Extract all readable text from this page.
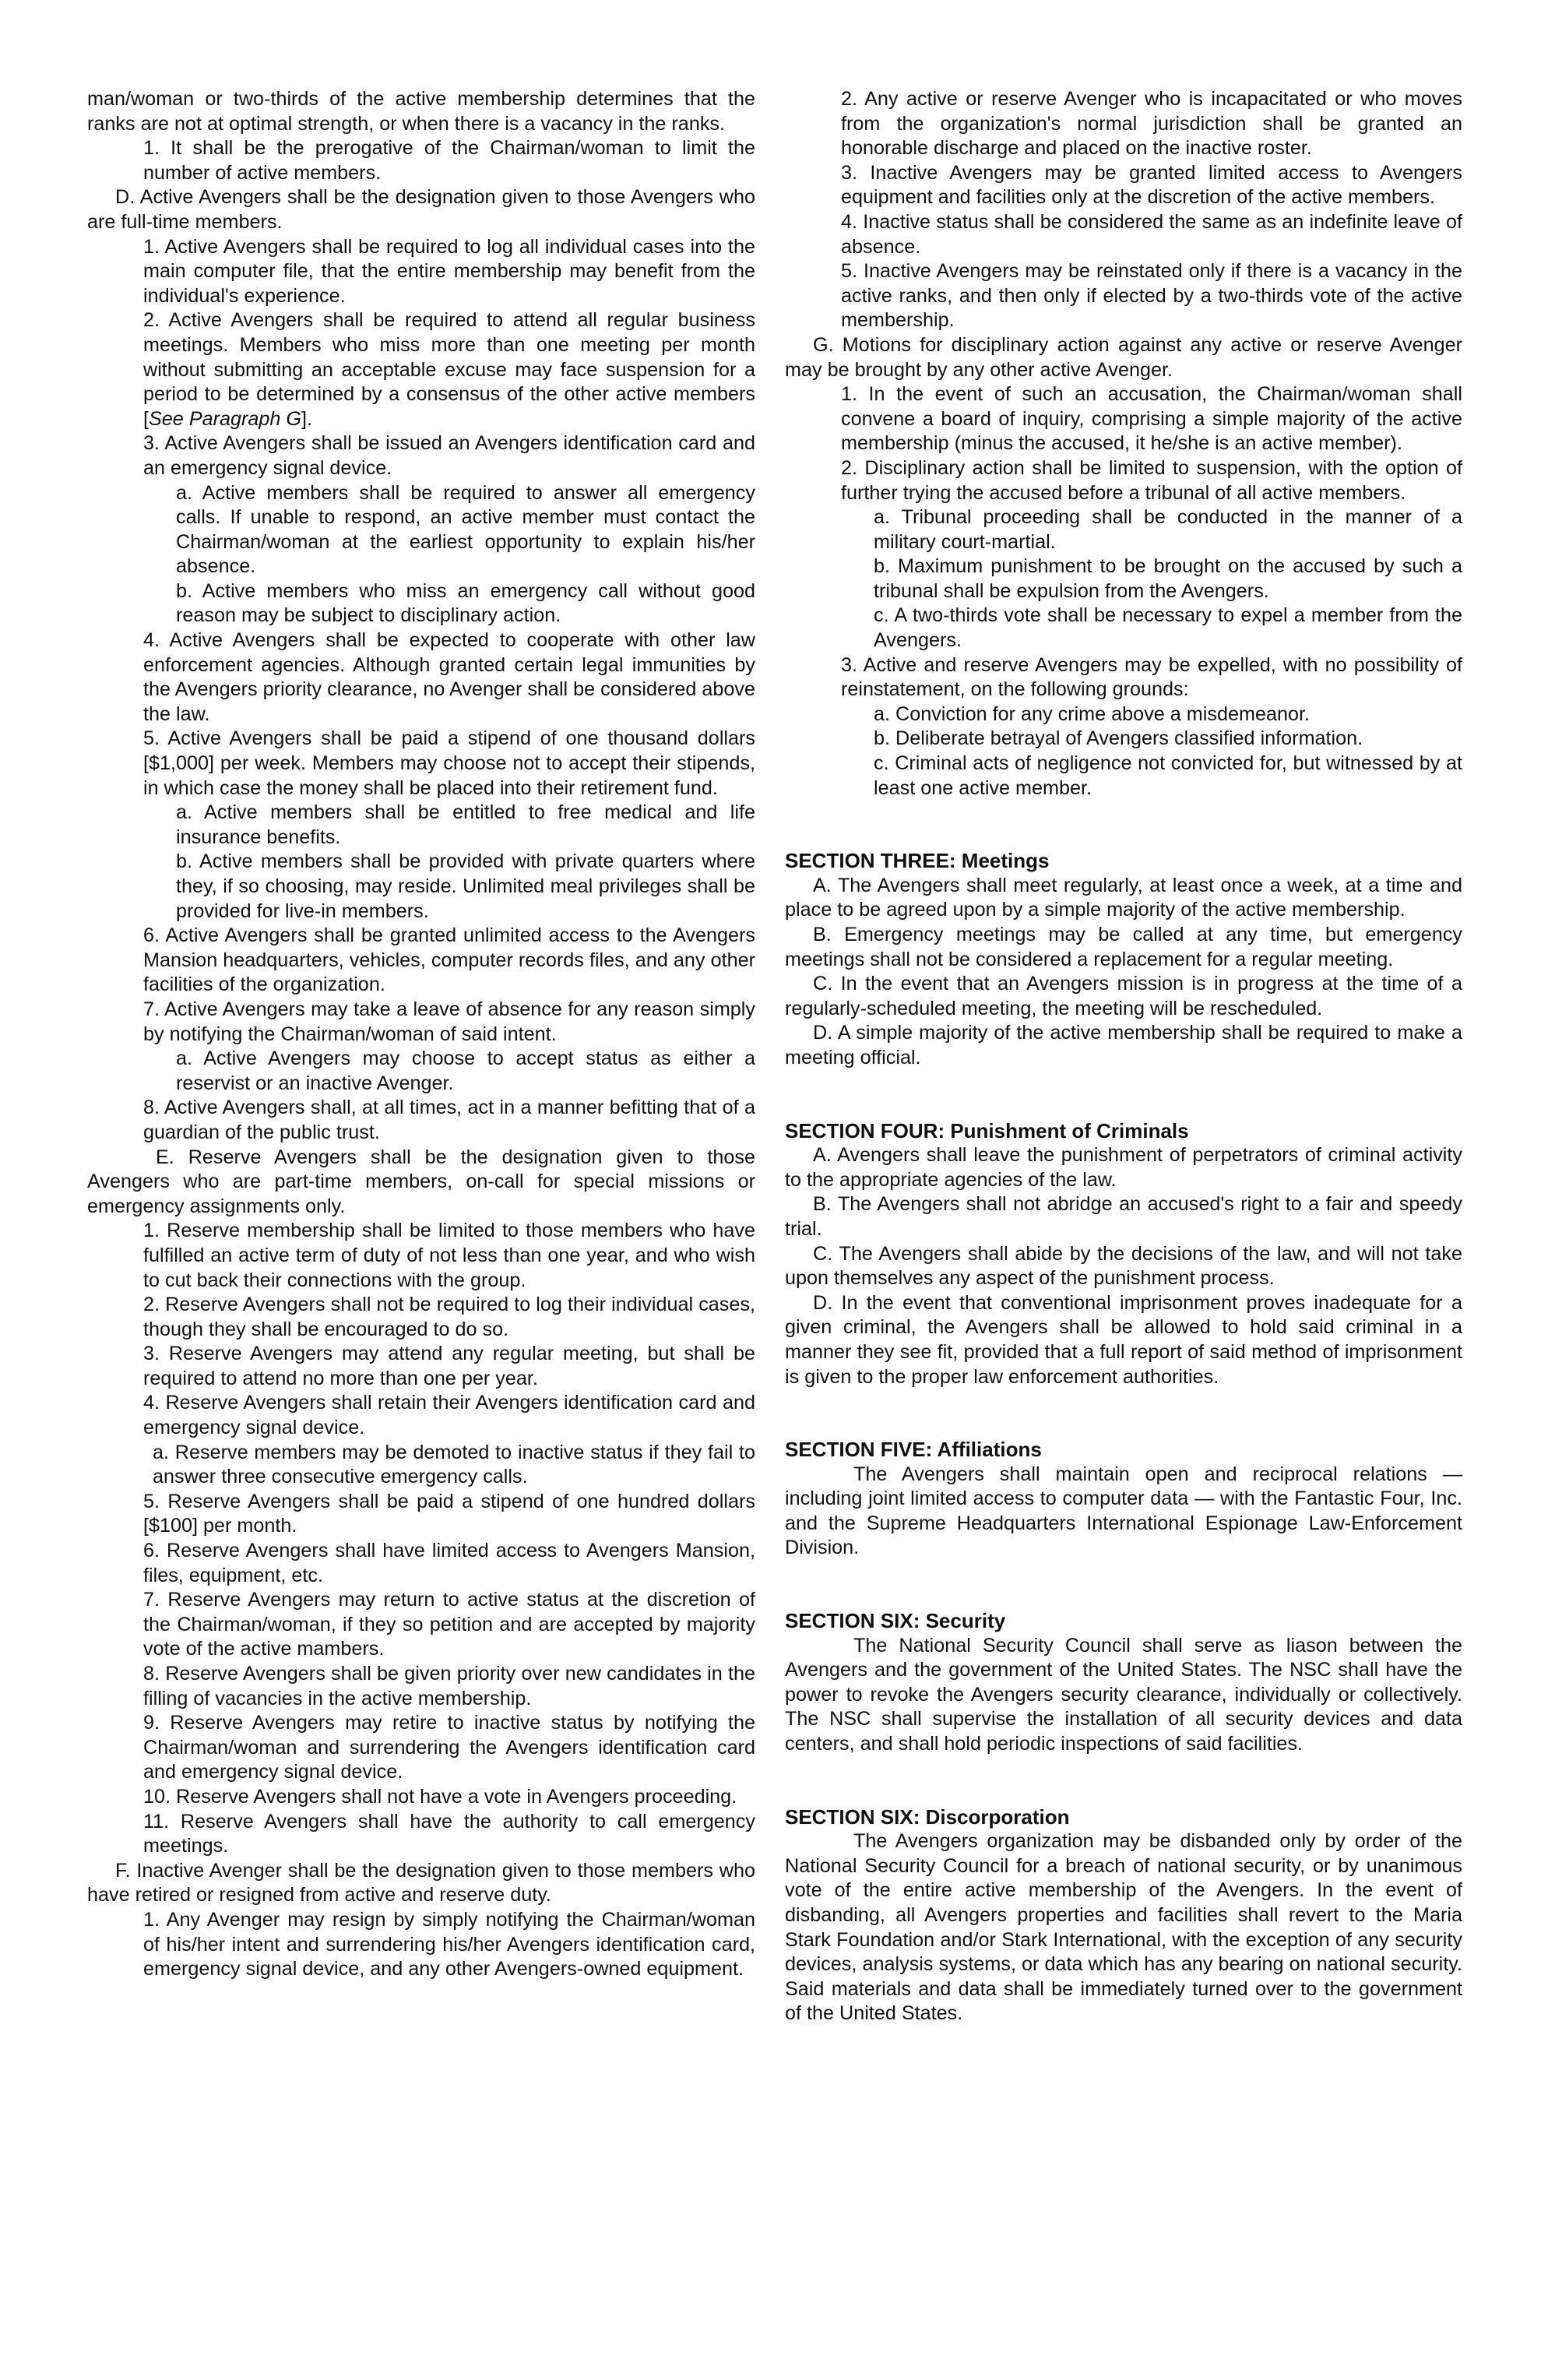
man/woman or two-thirds of the active membership determines that the ranks are not at optimal strength, or when there is a vacancy in the ranks.

1. It shall be the prerogative of the Chairman/woman to limit the number of active members.

D. Active Avengers shall be the designation given to those Avengers who are full-time members.

1. Active Avengers shall be required to log all individual cases into the main computer file, that the entire membership may benefit from the individual's experience.

2. Active Avengers shall be required to attend all regular business meetings. Members who miss more than one meeting per month without submitting an acceptable excuse may face suspension for a period to be determined by a consensus of the other active members [See Paragraph G].

3. Active Avengers shall be issued an Avengers identification card and an emergency signal device.

a. Active members shall be required to answer all emergency calls. If unable to respond, an active member must contact the Chairman/woman at the earliest opportunity to explain his/her absence.

b. Active members who miss an emergency call without good reason may be subject to disciplinary action.

4. Active Avengers shall be expected to cooperate with other law enforcement agencies. Although granted certain legal immunities by the Avengers priority clearance, no Avenger shall be considered above the law.

5. Active Avengers shall be paid a stipend of one thousand dollars [$1,000] per week. Members may choose not to accept their stipends, in which case the money shall be placed into their retirement fund.

a. Active members shall be entitled to free medical and life insurance benefits.

b. Active members shall be provided with private quarters where they, if so choosing, may reside. Unlimited meal privileges shall be provided for live-in members.

6. Active Avengers shall be granted unlimited access to the Avengers Mansion headquarters, vehicles, computer records files, and any other facilities of the organization.

7. Active Avengers may take a leave of absence for any reason simply by notifying the Chairman/woman of said intent.

a. Active Avengers may choose to accept status as either a reservist or an inactive Avenger.

8. Active Avengers shall, at all times, act in a manner befitting that of a guardian of the public trust.

E. Reserve Avengers shall be the designation given to those Avengers who are part-time members, on-call for special missions or emergency assignments only.

1. Reserve membership shall be limited to those members who have fulfilled an active term of duty of not less than one year, and who wish to cut back their connections with the group.

2. Reserve Avengers shall not be required to log their individual cases, though they shall be encouraged to do so.

3. Reserve Avengers may attend any regular meeting, but shall be required to attend no more than one per year.

4. Reserve Avengers shall retain their Avengers identification card and emergency signal device.

a. Reserve members may be demoted to inactive status if they fail to answer three consecutive emergency calls.

5. Reserve Avengers shall be paid a stipend of one hundred dollars [$100] per month.

6. Reserve Avengers shall have limited access to Avengers Mansion, files, equipment, etc.

7. Reserve Avengers may return to active status at the discretion of the Chairman/woman, if they so petition and are accepted by majority vote of the active mambers.

8. Reserve Avengers shall be given priority over new candidates in the filling of vacancies in the active membership.

9. Reserve Avengers may retire to inactive status by notifying the Chairman/woman and surrendering the Avengers identification card and emergency signal device.

10. Reserve Avengers shall not have a vote in Avengers proceeding.

11. Reserve Avengers shall have the authority to call emergency meetings.

F. Inactive Avenger shall be the designation given to those members who have retired or resigned from active and reserve duty.

1. Any Avenger may resign by simply notifying the Chairman/woman of his/her intent and surrendering his/her Avengers identification card, emergency signal device, and any other Avengers-owned equipment.

2. Any active or reserve Avenger who is incapacitated or who moves from the organization's normal jurisdiction shall be granted an honorable discharge and placed on the inactive roster.

3. Inactive Avengers may be granted limited access to Avengers equipment and facilities only at the discretion of the active members.

4. Inactive status shall be considered the same as an indefinite leave of absence.

5. Inactive Avengers may be reinstated only if there is a vacancy in the active ranks, and then only if elected by a two-thirds vote of the active membership.

G. Motions for disciplinary action against any active or reserve Avenger may be brought by any other active Avenger.

1. In the event of such an accusation, the Chairman/woman shall convene a board of inquiry, comprising a simple majority of the active membership (minus the accused, it he/she is an active member).

2. Disciplinary action shall be limited to suspension, with the option of further trying the accused before a tribunal of all active members.

a. Tribunal proceeding shall be conducted in the manner of a military court-martial.

b. Maximum punishment to be brought on the accused by such a tribunal shall be expulsion from the Avengers.

c. A two-thirds vote shall be necessary to expel a member from the Avengers.

3. Active and reserve Avengers may be expelled, with no possibility of reinstatement, on the following grounds:

a. Conviction for any crime above a misdemeanor.

b. Deliberate betrayal of Avengers classified information.

c. Criminal acts of negligence not convicted for, but witnessed by at least one active member.

SECTION THREE: Meetings

A. The Avengers shall meet regularly, at least once a week, at a time and place to be agreed upon by a simple majority of the active membership.

B. Emergency meetings may be called at any time, but emergency meetings shall not be considered a replacement for a regular meeting.

C. In the event that an Avengers mission is in progress at the time of a regularly-scheduled meeting, the meeting will be rescheduled.

D. A simple majority of the active membership shall be required to make a meeting official.

SECTION FOUR: Punishment of Criminals

A. Avengers shall leave the punishment of perpetrators of criminal activity to the appropriate agencies of the law.

B. The Avengers shall not abridge an accused's right to a fair and speedy trial.

C. The Avengers shall abide by the decisions of the law, and will not take upon themselves any aspect of the punishment process.

D. In the event that conventional imprisonment proves inadequate for a given criminal, the Avengers shall be allowed to hold said criminal in a manner they see fit, provided that a full report of said method of imprisonment is given to the proper law enforcement authorities.

SECTION FIVE: Affiliations

The Avengers shall maintain open and reciprocal relations — including joint limited access to computer data — with the Fantastic Four, Inc. and the Supreme Headquarters International Espionage Law-Enforcement Division.

SECTION SIX: Security

The National Security Council shall serve as liason between the Avengers and the government of the United States. The NSC shall have the power to revoke the Avengers security clearance, individually or collectively. The NSC shall supervise the installation of all security devices and data centers, and shall hold periodic inspections of said facilities.

SECTION SIX: Discorporation

The Avengers organization may be disbanded only by order of the National Security Council for a breach of national security, or by unanimous vote of the entire active membership of the Avengers. In the event of disbanding, all Avengers properties and facilities shall revert to the Maria Stark Foundation and/or Stark International, with the exception of any security devices, analysis systems, or data which has any bearing on national security. Said materials and data shall be immediately turned over to the government of the United States.
